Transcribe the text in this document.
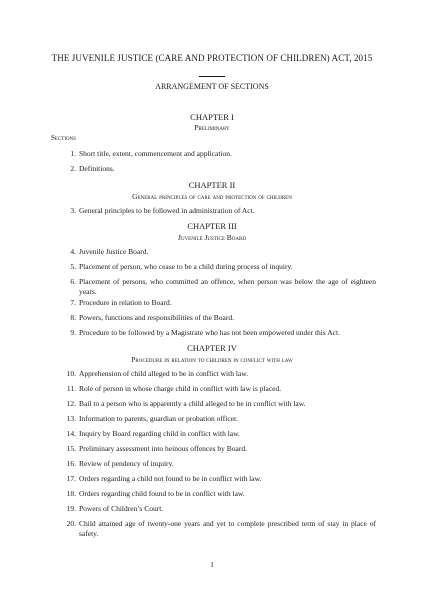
THE JUVENILE JUSTICE (CARE AND PROTECTION OF CHILDREN) ACT, 2015
ARRANGEMENT OF SECTIONS
CHAPTER I
Preliminary
Sections
1. Short title, extent, commencement and application.
2. Definitions.
CHAPTER II
General principles of care and protection of children
3. General principles to be followed in administration of Act.
CHAPTER III
Juvenile Justice Board
4. Juvenile Justice Board.
5. Placement of person, who cease to be a child during process of inquiry.
6. Placement of persons, who committed an offence, when person was below the age of eighteen years.
7. Procedure in relation to Board.
8. Powers, functions and responsibilities of the Board.
9. Procedure to be followed by a Magistrate who has not been empowered under this Act.
CHAPTER IV
Procedure in relation to children in conflict with law
10. Apprehension of child alleged to be in conflict with law.
11. Role of person in whose charge child in conflict with law is placed.
12. Bail to a person who is apparently a child alleged to be in conflict with law.
13. Information to parents, guardian or probation officer.
14. Inquiry by Board regarding child in conflict with law.
15. Preliminary assessment into heinous offences by Board.
16. Review of pendency of inquiry.
17. Orders regarding a child not found to be in conflict with law.
18. Orders regarding child found to be in conflict with law.
19. Powers of Children’s Court.
20. Child attained age of twenty-one years and yet to complete prescribed term of stay in place of safety.
1
